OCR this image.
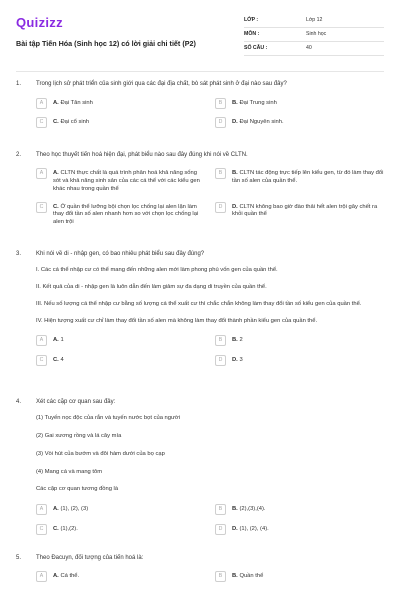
Quizizz
Bài tập Tiến Hóa (Sinh học 12) có lời giải chi tiết (P2)
LỚP :	Lớp 12
MÔN :	Sinh học
SỐ CÂU :	40
1.	Trong lịch sử phát triển của sinh giới qua các đại địa chất, bò sát phát sinh ở đại nào sau đây?
A	A. Đại Tân sinh	B	B. Đại Trung sinh
C	C. Đại cổ sinh	D	D. Đại Nguyên sinh.
2.	Theo học thuyết tiến hoá hiện đại, phát biểu nào sau đây đúng khi nói về CLTN.
A	A. CLTN thực chất là quá trình phân hoá khả năng sống sót và khả năng sinh sản của các cá thể với các kiểu gen khác nhau trong quần thể
B	B. CLTN tác động trực tiếp lên kiểu gen, từ đó làm thay đổi tần số alen của quần thể.
C	C. Ở quần thể lưỡng bội chọn lọc chống lại alen lặn làm thay đổi tần số alen nhanh hơn so với chọn lọc chống lại alen trội
D	D. CLTN không bao giờ đào thải hết alen trội gây chết ra khỏi quần thể
3.	Khi nói về di - nhập gen, có bao nhiêu phát biểu sau đây đúng?
I. Các cá thể nhập cư có thể mang đến những alen mới làm phong phú vốn gen của quần thể.
II. Kết quả của di - nhập gen là luôn dẫn đến làm giảm sự đa dạng di truyền của quần thể.
III. Nếu số lượng cá thể nhập cư bằng số lượng cá thể xuất cư thì chắc chắn không làm thay đổi tần số kiểu gen của quần thể.
IV. Hiện tượng xuất cư chỉ làm thay đổi tần số alen mà không làm thay đổi thành phần kiểu gen của quần thể.
A	A. 1	B	B. 2
C	C. 4	D	D. 3
4.	Xét các cặp cơ quan sau đây:
(1) Tuyến nọc độc của rắn và tuyến nước bọt của người
(2) Gai xương rồng và lá cây mía
(3) Vòi hút của bướm và đôi hàm dưới của bọ cạp
(4) Mang cá và mang tôm
Các cặp cơ quan tương đồng là
A	A. (1), (2), (3)	B	B. (2),(3),(4).
C	C. (1),(2).	D	D. (1), (2), (4).
5.	Theo Đacuyn, đối tượng của tiến hoá là:
A	A. Cá thể.	B	B. Quần thể
